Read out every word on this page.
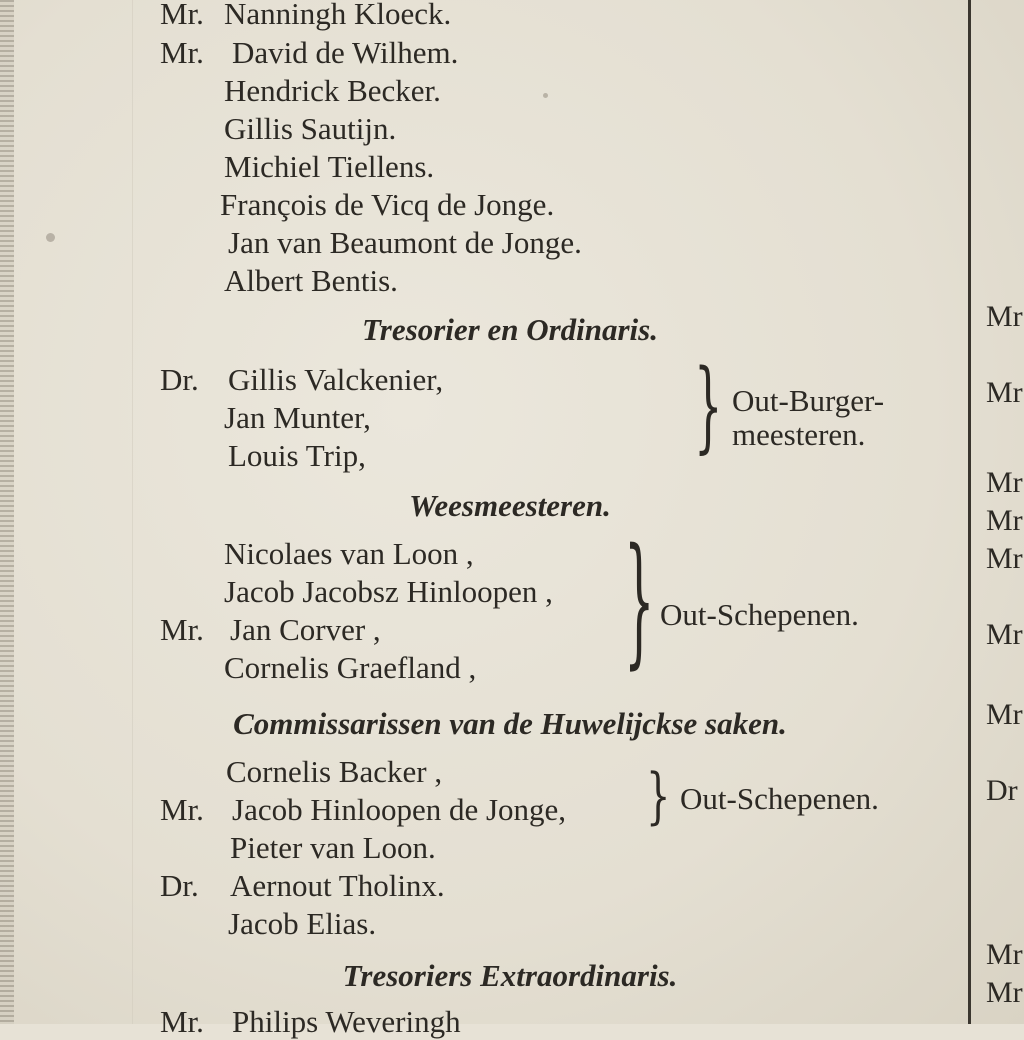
Mr. Nanningh Kloeck.
Mr. David de Wilhem.
Hendrick Becker.
Gillis Sautijn.
Michiel Tiellens.
François de Vicq de Jonge.
Jan van Beaumont de Jonge.
Albert Bentis.
Tresorier en Ordinaris.
Dr. Gillis Valckenier,
Jan Munter,
Louis Trip,	} Out-Burger-
meesteren.
Weesmeesteren.
Nicolaes van Loon ,
Jacob Jacobsz Hinloopen ,
Mr. Jan Corver ,
Cornelis Graefland , } Out-Schepenen.
Commissarissen van de Huwelijckse saken.
Cornelis Backer ,
Mr. Jacob Hinloopen de Jonge,
Pieter van Loon.
Dr. Aernout Tholinx.
Jacob Elias.
} Out-Schepenen.
Tresoriers Extraordinaris.
Mr. Philips Weveringh
Mr
Mr
Mr
Mr
Mr
Mr
Mr
Dr
Mr
Mr
